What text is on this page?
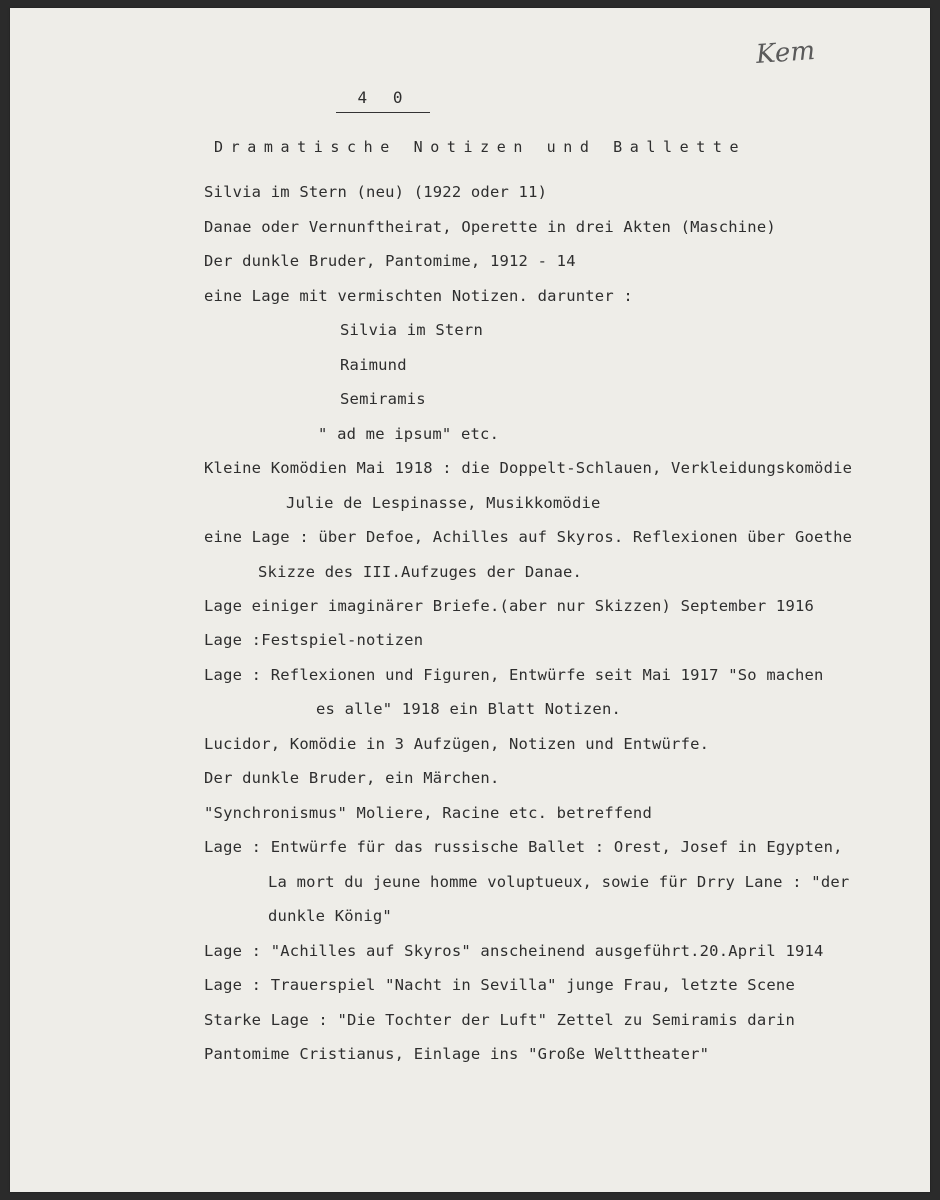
Kem
4 0
Dramatische Notizen und Ballette
Silvia im Stern (neu) (1922 oder 11)
Danae oder Vernunftheirat, Operette in drei Akten (Maschine)
Der dunkle Bruder, Pantomime, 1912 - 14
eine Lage mit vermischten Notizen. darunter :
Silvia im Stern
Raimund
Semiramis
" ad me ipsum" etc.
Kleine Komödien Mai 1918 : die Doppelt-Schlauen, Verkleidungskomödie
Julie de Lespinasse, Musikkomödie
eine Lage : über Defoe, Achilles auf Skyros. Reflexionen über Goethe
Skizze des III.Aufzuges der Danae.
Lage einiger imaginärer Briefe.(aber nur Skizzen) September 1916
Lage :Festspiel-notizen
Lage : Reflexionen und Figuren, Entwürfe seit Mai 1917 "So machen
es alle" 1918 ein Blatt Notizen.
Lucidor, Komödie in 3 Aufzügen, Notizen und Entwürfe.
Der dunkle Bruder, ein Märchen.
"Synchronismus" Moliere, Racine etc. betreffend
Lage : Entwürfe für das russische Ballet : Orest, Josef in Egypten,
La mort du jeune homme voluptueux, sowie für Drry Lane : "der
dunkle König"
Lage : "Achilles auf Skyros" anscheinend ausgeführt.20.April 1914
Lage : Trauerspiel "Nacht in Sevilla" junge Frau, letzte Scene
Starke Lage : "Die Tochter der Luft" Zettel zu Semiramis darin
Pantomime Cristianus, Einlage ins "Große Welttheater"
